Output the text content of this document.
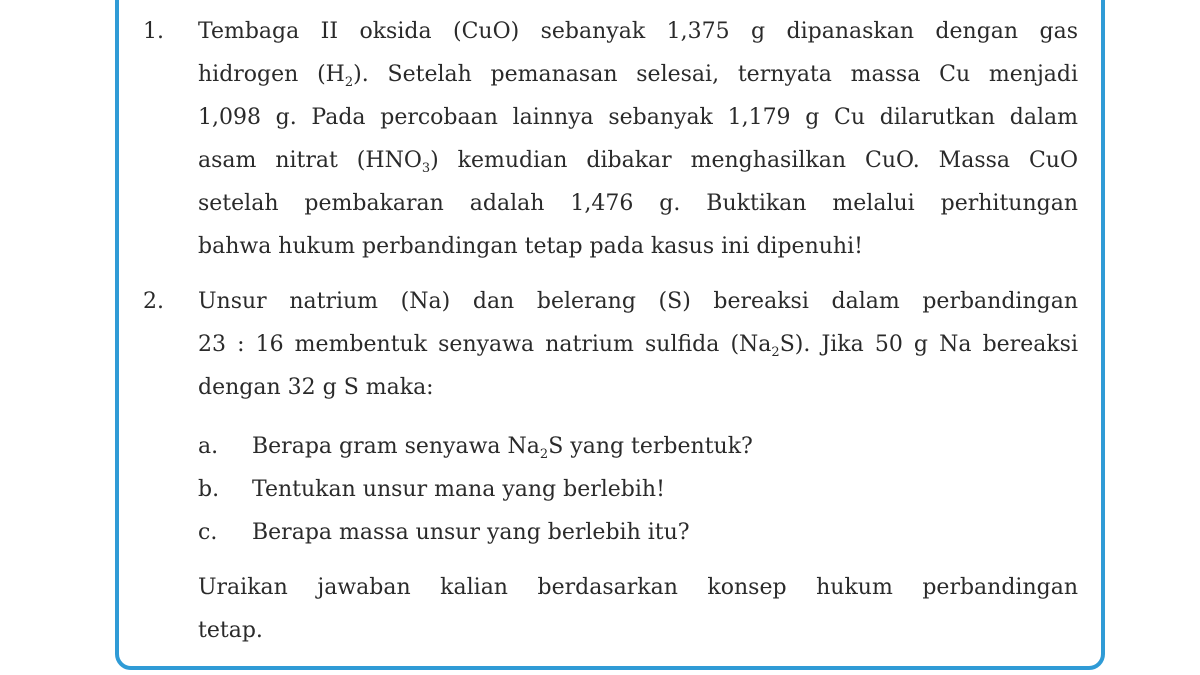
1.	Tembaga II oksida (CuO) sebanyak 1,375 g dipanaskan dengan gas
hidrogen $(H_2)$. Setelah pemanasan selesai, ternyata massa Cu menjadi
1,098 g. Pada percobaan lainnya sebanyak 1,179 g Cu dilarutkan dalam
asam nitrat $(HNO_3)$ kemudian dibakar menghasilkan CuO. Massa CuO
setelah pembakaran adalah 1,476 g. Buktikan melalui perhitungan
bahwa hukum perbandingan tetap pada kasus ini dipenuhi!
2.	Unsur natrium (Na) dan belerang (S) bereaksi dalam perbandingan
23 : 16 membentuk senyawa natrium sulfida $(Na_2S)$. Jika 50 g Na bereaksi
dengan 32 g S maka:
a.	Berapa gram senyawa $Na_2S$ yang terbentuk?
b.	Tentukan unsur mana yang berlebih!
c.	Berapa massa unsur yang berlebih itu?
Uraikan jawaban kalian berdasarkan konsep hukum perbandingan
tetap.
